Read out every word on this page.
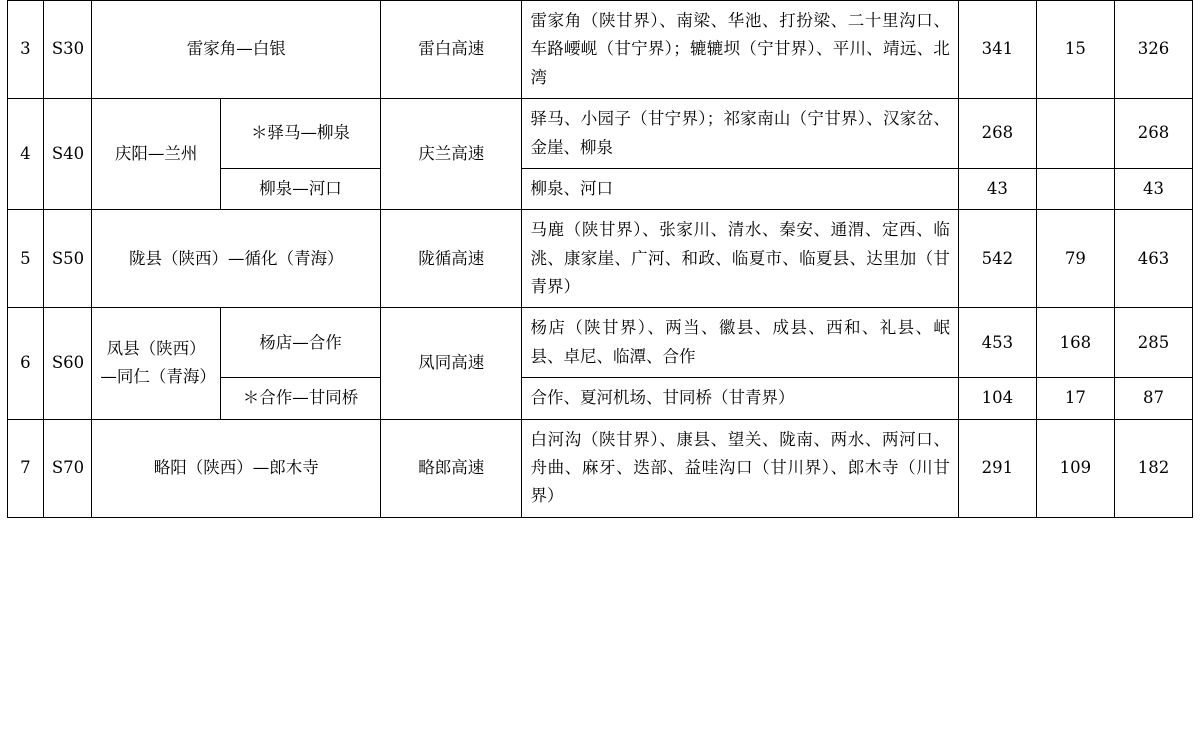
3	S30	雷家角—白银		雷白高速	雷家角（陕甘界）、南梁、华池、打扮梁、二十里沟口、车路崾岘（甘宁界）；辘辘坝（宁甘界）、平川、靖远、北湾	341	15	326
4	S40	庆阳—兰州	＊驿马—柳泉	庆兰高速	驿马、小园子（甘宁界）；祁家南山（宁甘界）、汉家岔、金崖、柳泉	268		268
			柳泉—河口		柳泉、河口	43		43
5	S50	陇县（陕西）—循化（青海）		陇循高速	马鹿（陕甘界）、张家川、清水、秦安、通渭、定西、临洮、康家崖、广河、和政、临夏市、临夏县、达里加（甘青界）	542	79	463
6	S60	凤县（陕西）—同仁（青海）	杨店—合作	凤同高速	杨店（陕甘界）、两当、徽县、成县、西和、礼县、岷县、卓尼、临潭、合作	453	168	285
			＊合作—甘同桥		合作、夏河机场、甘同桥（甘青界）	104	17	87
7	S70	略阳（陕西）—郎木寺		略郎高速	白河沟（陕甘界）、康县、望关、陇南、两水、两河口、舟曲、麻牙、迭部、益哇沟口（甘川界）、郎木寺（川甘界）	291	109	182
